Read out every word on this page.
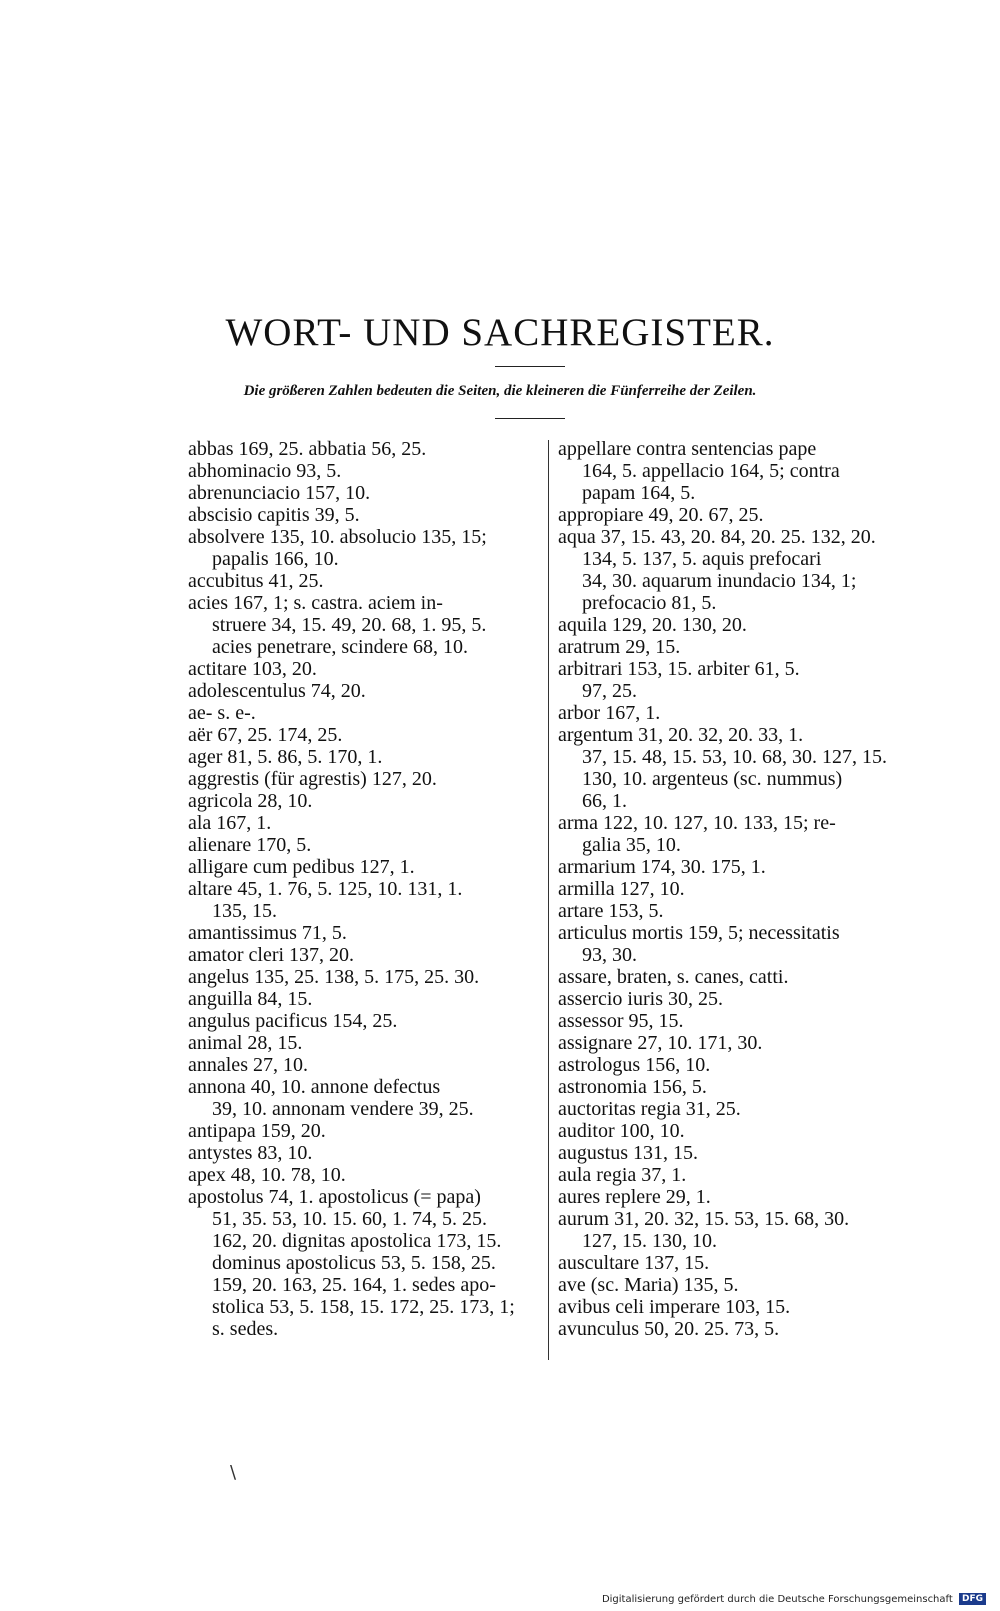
WORT- UND SACHREGISTER.
Die größeren Zahlen bedeuten die Seiten, die kleineren die Fünferreihe der Zeilen.
abbas 169, 25. abbatia 56, 25.
abhominacio 93, 5.
abrenunciacio 157, 10.
abscisio capitis 39, 5.
absolvere 135, 10. absolucio 135, 15;
papalis 166, 10.
accubitus 41, 25.
acies 167, 1; s. castra. aciem in-
struere 34, 15. 49, 20. 68, 1. 95, 5.
acies penetrare, scindere 68, 10.
actitare 103, 20.
adolescentulus 74, 20.
ae- s. e-.
aër 67, 25. 174, 25.
ager 81, 5. 86, 5. 170, 1.
aggrestis (für agrestis) 127, 20.
agricola 28, 10.
ala 167, 1.
alienare 170, 5.
alligare cum pedibus 127, 1.
altare 45, 1. 76, 5. 125, 10. 131, 1.
135, 15.
amantissimus 71, 5.
amator cleri 137, 20.
angelus 135, 25. 138, 5. 175, 25. 30.
anguilla 84, 15.
angulus pacificus 154, 25.
animal 28, 15.
annales 27, 10.
annona 40, 10. annone defectus
39, 10. annonam vendere 39, 25.
antipapa 159, 20.
antystes 83, 10.
apex 48, 10. 78, 10.
apostolus 74, 1. apostolicus (= papa)
51, 35. 53, 10. 15. 60, 1. 74, 5. 25.
162, 20. dignitas apostolica 173, 15.
dominus apostolicus 53, 5. 158, 25.
159, 20. 163, 25. 164, 1. sedes apo-
stolica 53, 5. 158, 15. 172, 25. 173, 1;
s. sedes.
appellare contra sentencias pape
164, 5. appellacio 164, 5; contra
papam 164, 5.
appropiare 49, 20. 67, 25.
aqua 37, 15. 43, 20. 84, 20. 25. 132, 20.
134, 5. 137, 5. aquis prefocari
34, 30. aquarum inundacio 134, 1;
prefocacio 81, 5.
aquila 129, 20. 130, 20.
aratrum 29, 15.
arbitrari 153, 15. arbiter 61, 5.
97, 25.
arbor 167, 1.
argentum 31, 20. 32, 20. 33, 1.
37, 15. 48, 15. 53, 10. 68, 30. 127, 15.
130, 10. argenteus (sc. nummus)
66, 1.
arma 122, 10. 127, 10. 133, 15; re-
galia 35, 10.
armarium 174, 30. 175, 1.
armilla 127, 10.
artare 153, 5.
articulus mortis 159, 5; necessitatis
93, 30.
assare, braten, s. canes, catti.
assercio iuris 30, 25.
assessor 95, 15.
assignare 27, 10. 171, 30.
astrologus 156, 10.
astronomia 156, 5.
auctoritas regia 31, 25.
auditor 100, 10.
augustus 131, 15.
aula regia 37, 1.
aures replere 29, 1.
aurum 31, 20. 32, 15. 53, 15. 68, 30.
127, 15. 130, 10.
auscultare 137, 15.
ave (sc. Maria) 135, 5.
avibus celi imperare 103, 15.
avunculus 50, 20. 25. 73, 5.
\
Digitalisierung gefördert durch die Deutsche Forschungsgemeinschaft DFG
